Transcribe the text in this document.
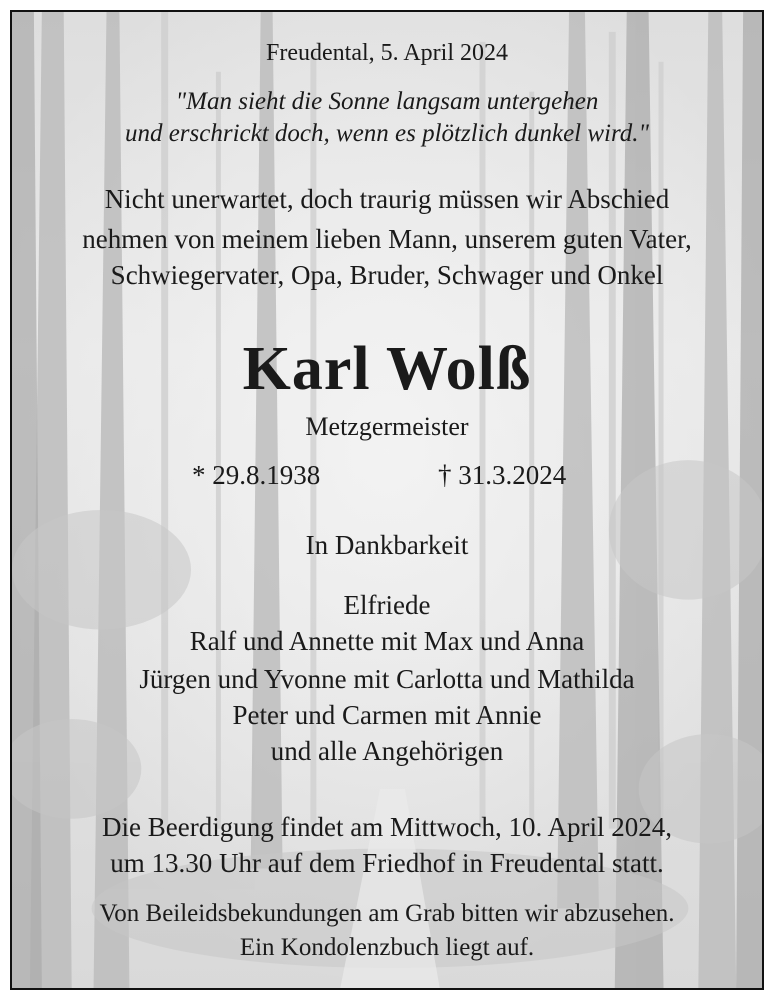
Freudental, 5. April 2024
"Man sieht die Sonne langsam untergehen
und erschrickt doch, wenn es plötzlich dunkel wird."
Nicht unerwartet, doch traurig müssen wir Abschied
nehmen von meinem lieben Mann, unserem guten Vater,
Schwiegervater, Opa, Bruder, Schwager und Onkel
Karl Wolß
Metzgermeister
* 29.8.1938	† 31.3.2024
In Dankbarkeit
Elfriede
Ralf und Annette mit Max und Anna
Jürgen und Yvonne mit Carlotta und Mathilda
Peter und Carmen mit Annie
und alle Angehörigen
Die Beerdigung findet am Mittwoch, 10. April 2024,
um 13.30 Uhr auf dem Friedhof in Freudental statt.
Von Beileidsbekundungen am Grab bitten wir abzusehen.
Ein Kondolenzbuch liegt auf.
